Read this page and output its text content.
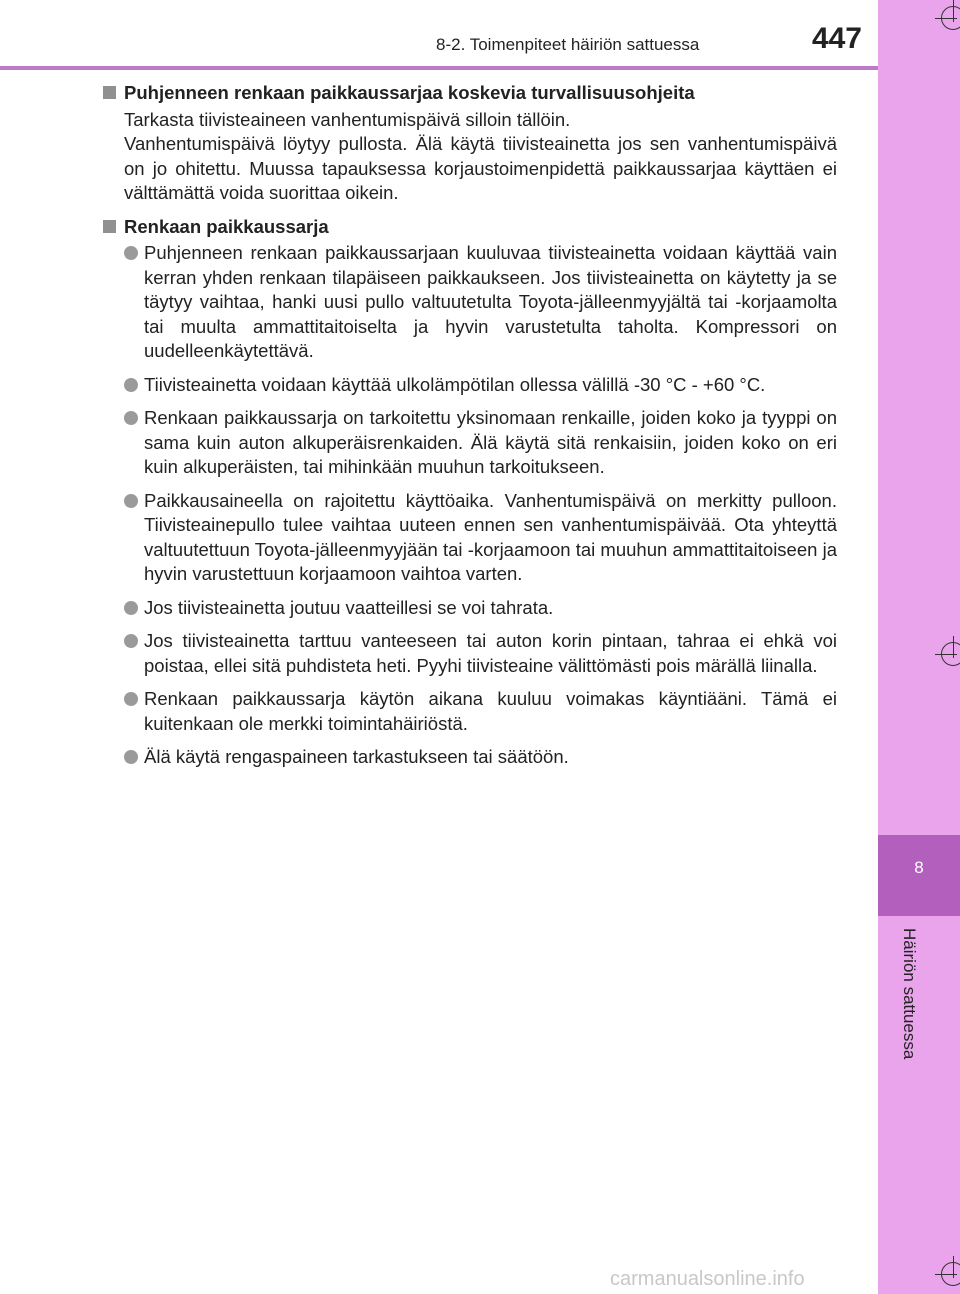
8
Häiriön sattuessa
8-2. Toimenpiteet häiriön sattuessa	447
Puhjenneen renkaan paikkaussarjaa koskevia turvallisuusohjeita
Tarkasta tiivisteaineen vanhentumispäivä silloin tällöin.
Vanhentumispäivä löytyy pullosta. Älä käytä tiivisteainetta jos sen vanhentumispäivä on jo ohitettu. Muussa tapauksessa korjaustoimenpidettä paikkaussarjaa käyttäen ei välttämättä voida suorittaa oikein.
Renkaan paikkaussarja
Puhjenneen renkaan paikkaussarjaan kuuluvaa tiivisteainetta voidaan käyttää vain kerran yhden renkaan tilapäiseen paikkaukseen. Jos tiivisteainetta on käytetty ja se täytyy vaihtaa, hanki uusi pullo valtuutetulta Toyota-jälleenmyyjältä tai -korjaamolta tai muulta ammattitaitoiselta ja hyvin varustetulta taholta. Kompressori on uudelleenkäytettävä.
Tiivisteainetta voidaan käyttää ulkolämpötilan ollessa välillä -30 °C - +60 °C.
Renkaan paikkaussarja on tarkoitettu yksinomaan renkaille, joiden koko ja tyyppi on sama kuin auton alkuperäisrenkaiden. Älä käytä sitä renkaisiin, joiden koko on eri kuin alkuperäisten, tai mihinkään muuhun tarkoitukseen.
Paikkausaineella on rajoitettu käyttöaika. Vanhentumispäivä on merkitty pulloon. Tiivisteainepullo tulee vaihtaa uuteen ennen sen vanhentumispäivää. Ota yhteyttä valtuutettuun Toyota-jälleenmyyjään tai -korjaamoon tai muuhun ammattitaitoiseen ja hyvin varustettuun korjaamoon vaihtoa varten.
Jos tiivisteainetta joutuu vaatteillesi se voi tahrata.
Jos tiivisteainetta tarttuu vanteeseen tai auton korin pintaan, tahraa ei ehkä voi poistaa, ellei sitä puhdisteta heti. Pyyhi tiivisteaine välittömästi pois märällä liinalla.
Renkaan paikkaussarja käytön aikana kuuluu voimakas käyntiääni. Tämä ei kuitenkaan ole merkki toimintahäiriöstä.
Älä käytä rengaspaineen tarkastukseen tai säätöön.
carmanualsonline.info
